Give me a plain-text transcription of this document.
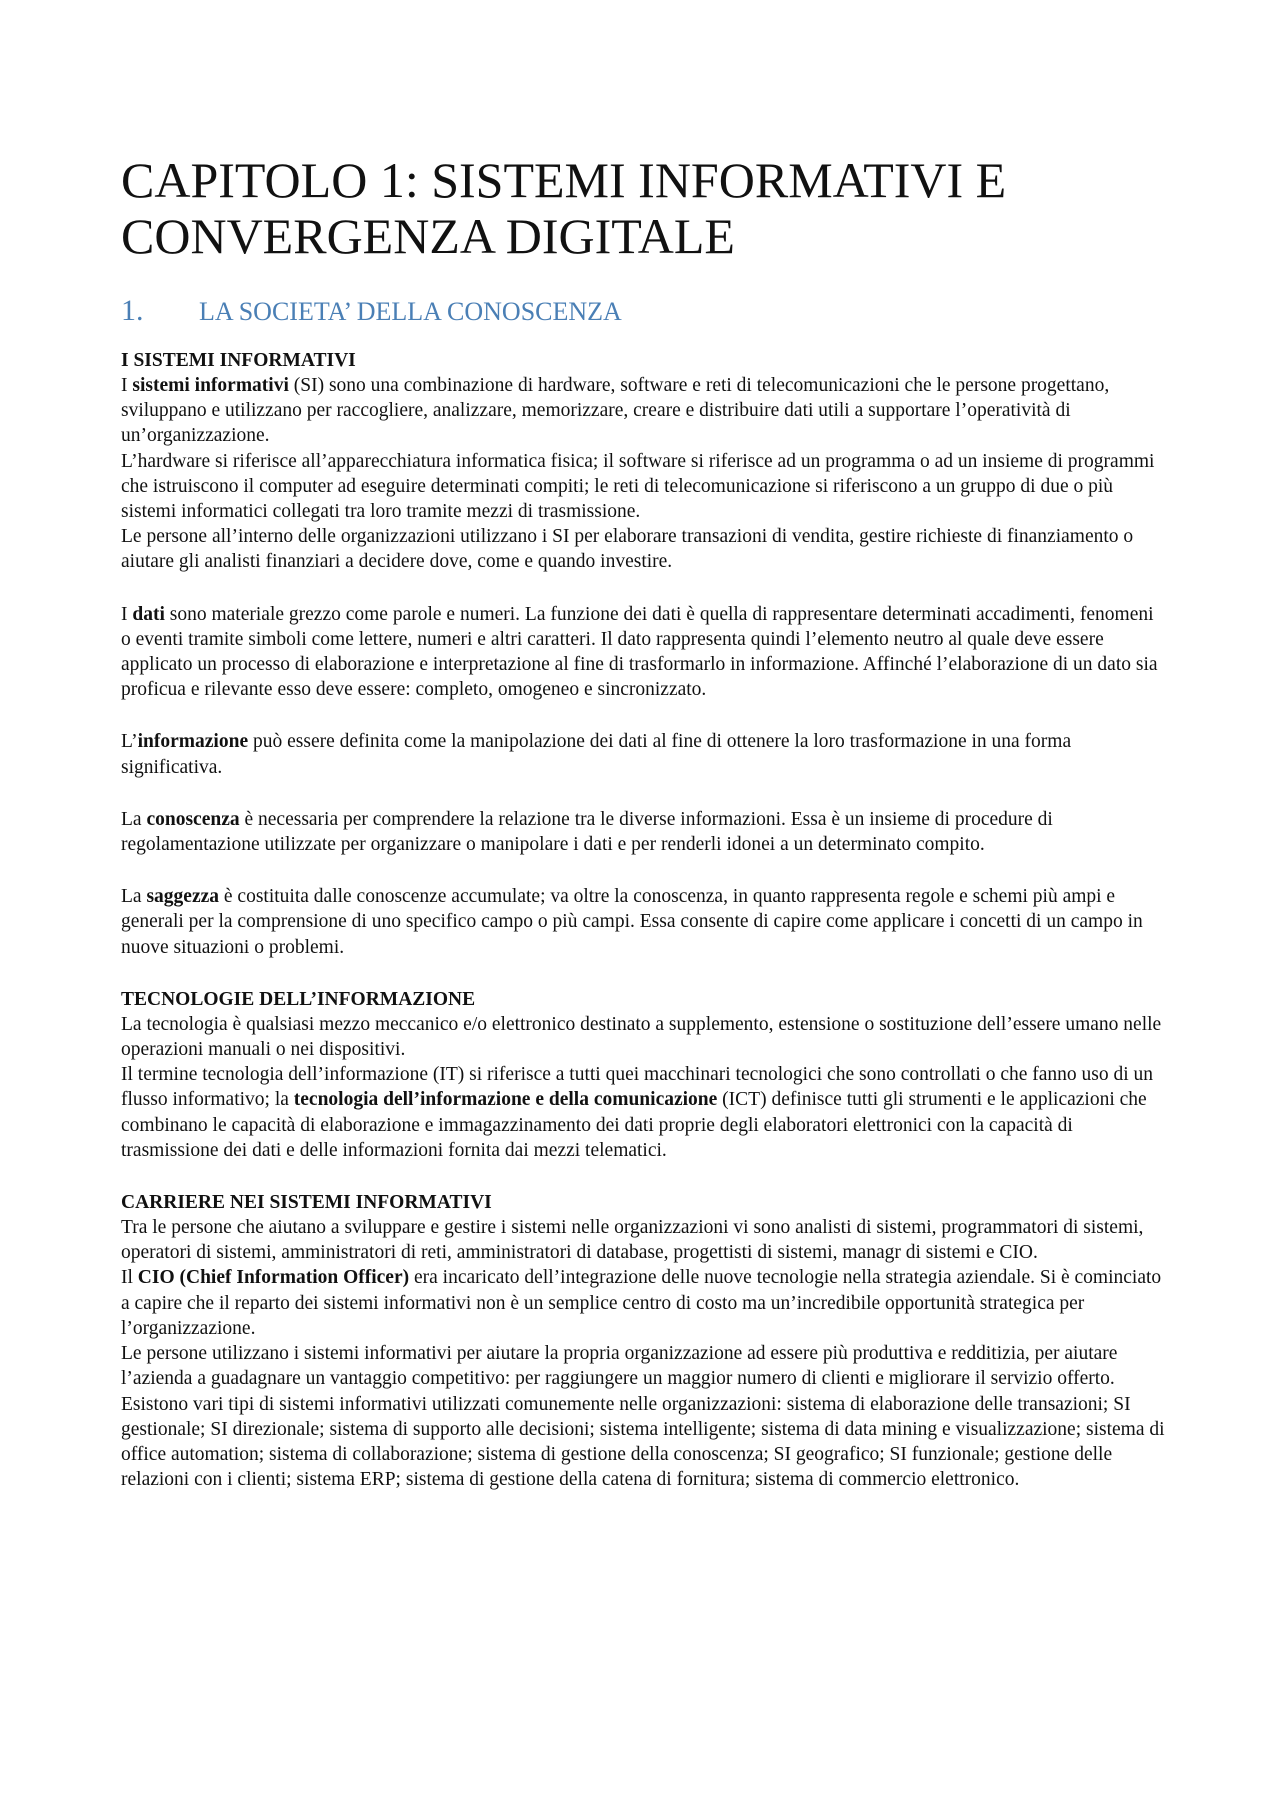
CAPITOLO 1: SISTEMI INFORMATIVI E CONVERGENZA DIGITALE
1.	LA SOCIETA’ DELLA CONOSCENZA
I SISTEMI INFORMATIVI

I sistemi informativi (SI) sono una combinazione di hardware, software e reti di telecomunicazioni che le persone progettano, sviluppano e utilizzano per raccogliere, analizzare, memorizzare, creare e distribuire dati utili a supportare l’operatività di un’organizzazione.

L’hardware si riferisce all’apparecchiatura informatica fisica; il software si riferisce ad un programma o ad un insieme di programmi che istruiscono il computer ad eseguire determinati compiti; le reti di telecomunicazione si riferiscono a un gruppo di due o più sistemi informatici collegati tra loro tramite mezzi di trasmissione.

Le persone all’interno delle organizzazioni utilizzano i SI per elaborare transazioni di vendita, gestire richieste di finanziamento o aiutare gli analisti finanziari a decidere dove, come e quando investire.

I dati sono materiale grezzo come parole e numeri. La funzione dei dati è quella di rappresentare determinati accadimenti, fenomeni o eventi tramite simboli come lettere, numeri e altri caratteri. Il dato rappresenta quindi l’elemento neutro al quale deve essere applicato un processo di elaborazione e interpretazione al fine di trasformarlo in informazione. Affinché l’elaborazione di un dato sia proficua e rilevante esso deve essere: completo, omogeneo e sincronizzato.

L’informazione può essere definita come la manipolazione dei dati al fine di ottenere la loro trasformazione in una forma significativa.

La conoscenza è necessaria per comprendere la relazione tra le diverse informazioni. Essa è un insieme di procedure di regolamentazione utilizzate per organizzare o manipolare i dati e per renderli idonei a un determinato compito.

La saggezza è costituita dalle conoscenze accumulate; va oltre la conoscenza, in quanto rappresenta regole e schemi più ampi e generali per la comprensione di uno specifico campo o più campi. Essa consente di capire come applicare i concetti di un campo in nuove situazioni o problemi.

TECNOLOGIE DELL’INFORMAZIONE

La tecnologia è qualsiasi mezzo meccanico e/o elettronico destinato a supplemento, estensione o sostituzione dell’essere umano nelle operazioni manuali o nei dispositivi.

Il termine tecnologia dell’informazione (IT) si riferisce a tutti quei macchinari tecnologici che sono controllati o che fanno uso di un flusso informativo; la tecnologia dell’informazione e della comunicazione (ICT) definisce tutti gli strumenti e le applicazioni che combinano le capacità di elaborazione e immagazzinamento dei dati proprie degli elaboratori elettronici con la capacità di trasmissione dei dati e delle informazioni fornita dai mezzi telematici.

CARRIERE NEI SISTEMI INFORMATIVI

Tra le persone che aiutano a sviluppare e gestire i sistemi nelle organizzazioni vi sono analisti di sistemi, programmatori di sistemi, operatori di sistemi, amministratori di reti, amministratori di database, progettisti di sistemi, managr di sistemi e CIO.

Il CIO (Chief Information Officer) era incaricato dell’integrazione delle nuove tecnologie nella strategia aziendale. Si è cominciato a capire che il reparto dei sistemi informativi non è un semplice centro di costo ma un’incredibile opportunità strategica per l’organizzazione.

Le persone utilizzano i sistemi informativi per aiutare la propria organizzazione ad essere più produttiva e redditizia, per aiutare l’azienda a guadagnare un vantaggio competitivo: per raggiungere un maggior numero di clienti e migliorare il servizio offerto.

Esistono vari tipi di sistemi informativi utilizzati comunemente nelle organizzazioni: sistema di elaborazione delle transazioni; SI gestionale; SI direzionale; sistema di supporto alle decisioni; sistema intelligente; sistema di data mining e visualizzazione; sistema di office automation; sistema di collaborazione; sistema di gestione della conoscenza; SI geografico; SI funzionale; gestione delle relazioni con i clienti; sistema ERP; sistema di gestione della catena di fornitura; sistema di commercio elettronico.
